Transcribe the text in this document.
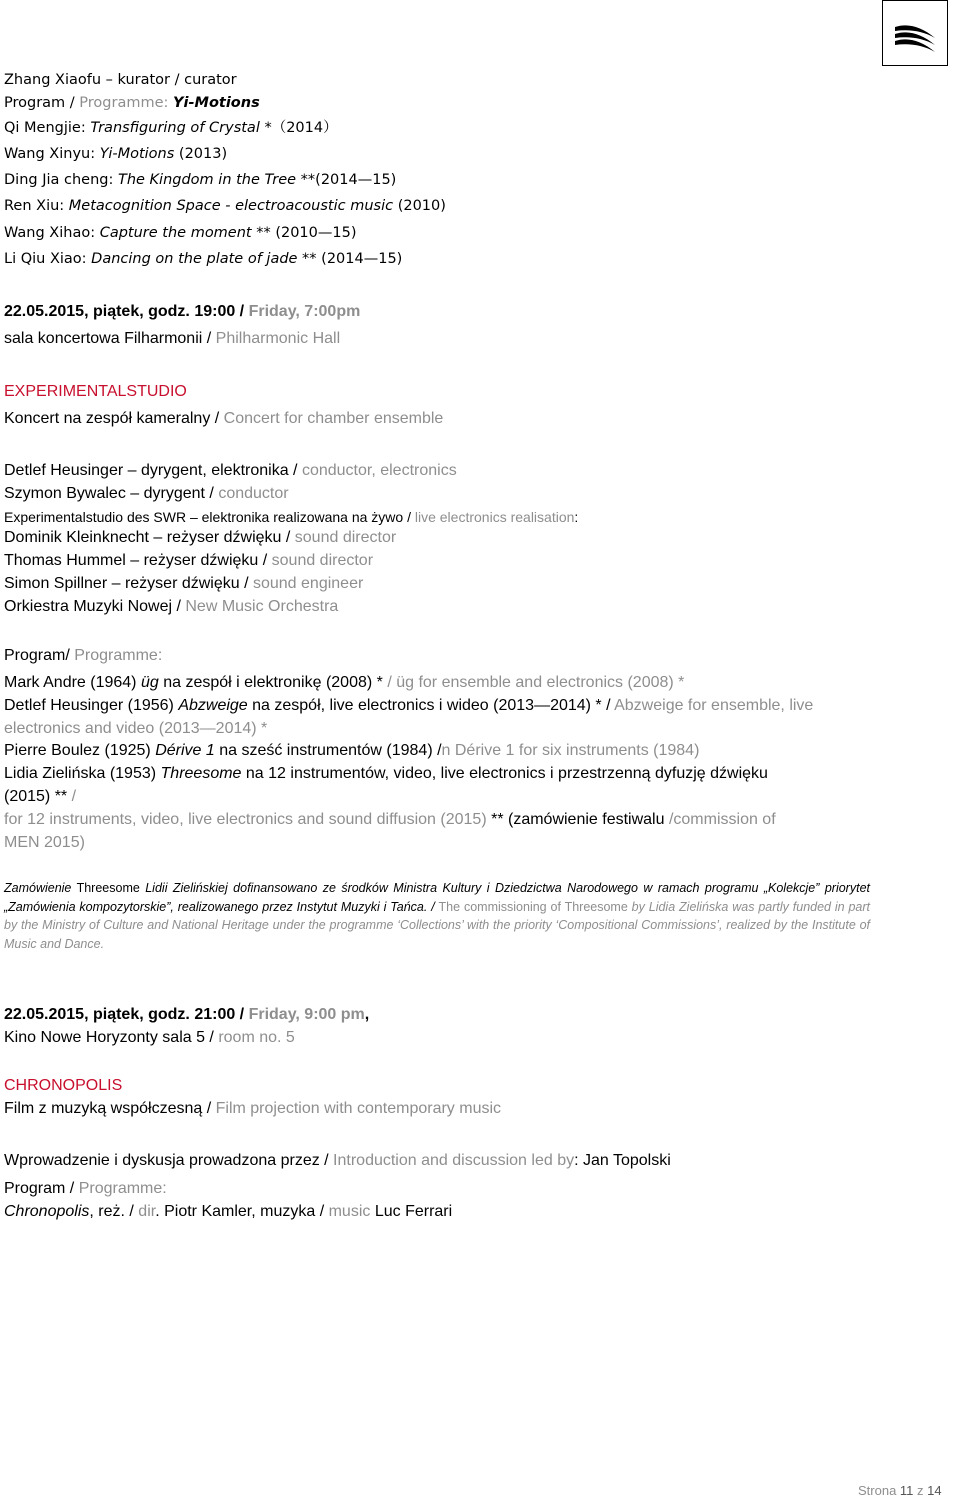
Zhang Xiaofu – kurator / curator
Program / Programme: Yi-Motions
Qi Mengjie: Transfiguring of Crystal *（2014）
Wang Xinyu: Yi-Motions (2013)
Ding Jia cheng: The Kingdom in the Tree **(2014—15)
Ren Xiu: Metacognition Space - electroacoustic music (2010)
Wang Xihao: Capture the moment ** (2010—15)
Li Qiu Xiao: Dancing on the plate of jade ** (2014—15)
22.05.2015, piątek, godz. 19:00 / Friday, 7:00pm
sala koncertowa Filharmonii / Philharmonic Hall
EXPERIMENTALSTUDIO
Koncert na zespół kameralny / Concert for chamber ensemble
Detlef Heusinger – dyrygent, elektronika / conductor, electronics
Szymon Bywalec – dyrygent / conductor
Experimentalstudio des SWR – elektronika realizowana na żywo / live electronics realisation:
Dominik Kleinknecht – reżyser dźwięku / sound director
Thomas Hummel – reżyser dźwięku / sound director
Simon Spillner – reżyser dźwięku / sound engineer
Orkiestra Muzyki Nowej / New Music Orchestra
Program/ Programme:
Mark Andre (1964) üg na zespół i elektronikę (2008) * / üg for ensemble and electronics (2008) *
Detlef Heusinger (1956) Abzweige na zespół, live electronics i wideo (2013—2014) * / Abzweige for ensemble, live
electronics and video (2013—2014) *
Pierre Boulez (1925) Dérive 1 na sześć instrumentów (1984) /n Dérive 1 for six instruments (1984)
Lidia Zielińska (1953) Threesome na 12 instrumentów, video, live electronics i przestrzenną dyfuzję dźwięku
(2015) ** /
for 12 instruments, video, live electronics and sound diffusion (2015) ** (zamówienie festiwalu /commission of
MEN 2015)
Zamówienie Threesome Lidii Zielińskiej dofinansowano ze środków Ministra Kultury i Dziedzictwa Narodowego w ramach programu „Kolekcje” priorytet „Zamówienia kompozytorskie”, realizowanego przez Instytut Muzyki i Tańca. / The commissioning of Threesome by Lidia Zielińska was partly funded in part by the Ministry of Culture and National Heritage under the programme ‘Collections’ with the priority ‘Compositional Commissions’, realized by the Institute of Music and Dance.
22.05.2015, piątek, godz. 21:00 / Friday, 9:00 pm,
Kino Nowe Horyzonty sala 5 / room no. 5
CHRONOPOLIS
Film z muzyką współczesną / Film projection with contemporary music
Wprowadzenie i dyskusja prowadzona przez / Introduction and discussion led by: Jan Topolski
Program / Programme:
Chronopolis, reż. / dir. Piotr Kamler, muzyka / music Luc Ferrari
Strona 11 z 14
